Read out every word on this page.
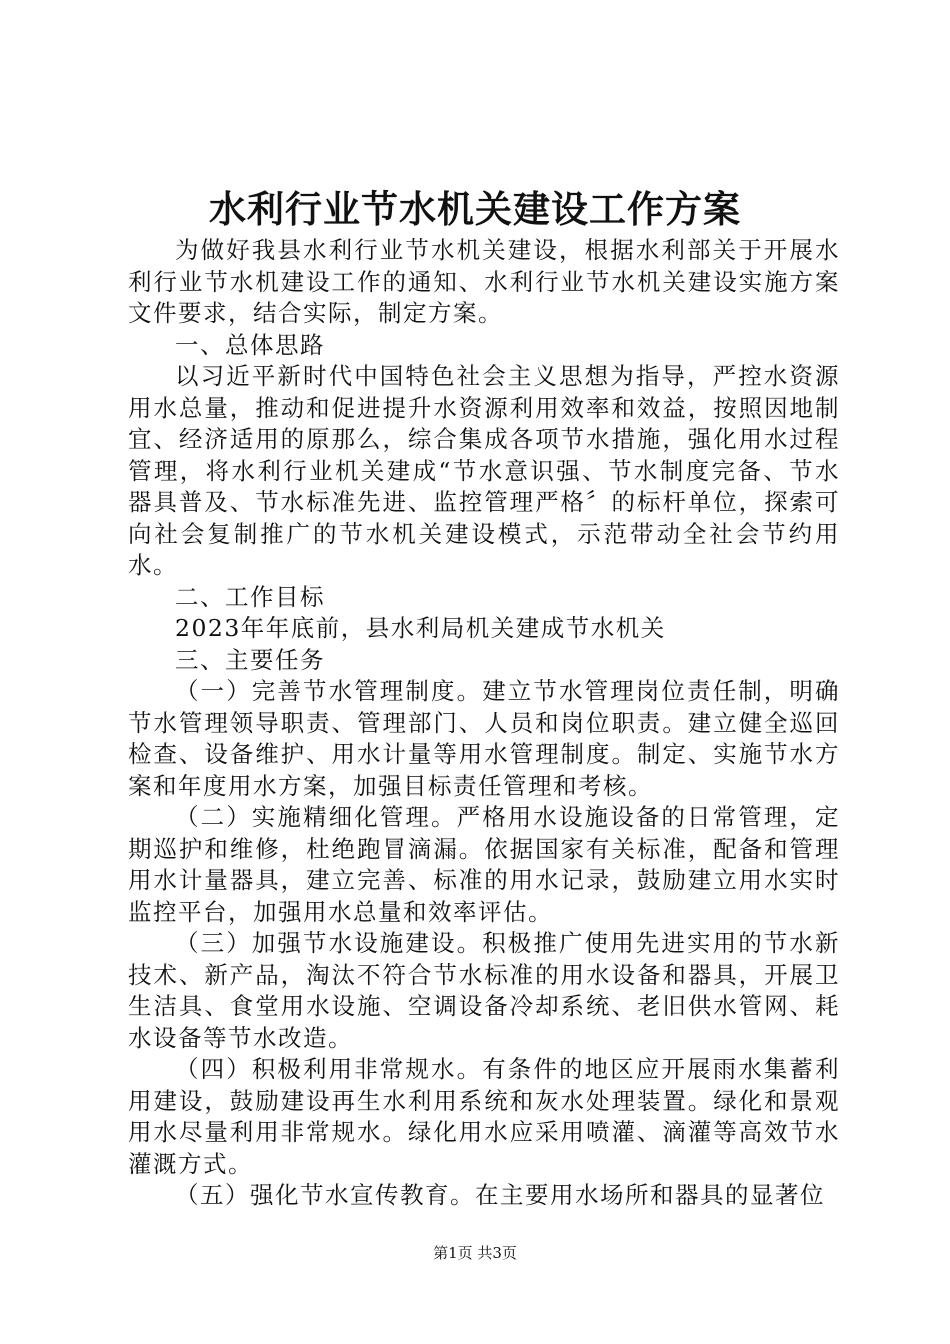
水利行业节水机关建设工作方案

为做好我县水利行业节水机关建设，根据水利部关于开展水利行业节水机建设工作的通知、水利行业节水机关建设实施方案文件要求，结合实际，制定方案。

一、总体思路

以习近平新时代中国特色社会主义思想为指导，严控水资源用水总量，推动和促进提升水资源利用效率和效益，按照因地制宜、经济适用的原那么，综合集成各项节水措施，强化用水过程管理，将水利行业机关建成“节水意识强、节水制度完备、节水器具普及、节水标准先进、监控管理严格〞的标杆单位，探索可向社会复制推广的节水机关建设模式，示范带动全社会节约用水。

二、工作目标

2023年年底前，县水利局机关建成节水机关

三、主要任务

（一）完善节水管理制度。建立节水管理岗位责任制，明确节水管理领导职责、管理部门、人员和岗位职责。建立健全巡回检查、设备维护、用水计量等用水管理制度。制定、实施节水方案和年度用水方案，加强目标责任管理和考核。

（二）实施精细化管理。严格用水设施设备的日常管理，定期巡护和维修，杜绝跑冒滴漏。依据国家有关标准，配备和管理用水计量器具，建立完善、标准的用水记录，鼓励建立用水实时监控平台，加强用水总量和效率评估。

（三）加强节水设施建设。积极推广使用先进实用的节水新技术、新产品，淘汰不符合节水标准的用水设备和器具，开展卫生洁具、食堂用水设施、空调设备冷却系统、老旧供水管网、耗水设备等节水改造。

（四）积极利用非常规水。有条件的地区应开展雨水集蓄利用建设，鼓励建设再生水利用系统和灰水处理装置。绿化和景观用水尽量利用非常规水。绿化用水应采用喷灌、滴灌等高效节水灌溉方式。

（五）强化节水宣传教育。在主要用水场所和器具的显著位

第1页 共3页
